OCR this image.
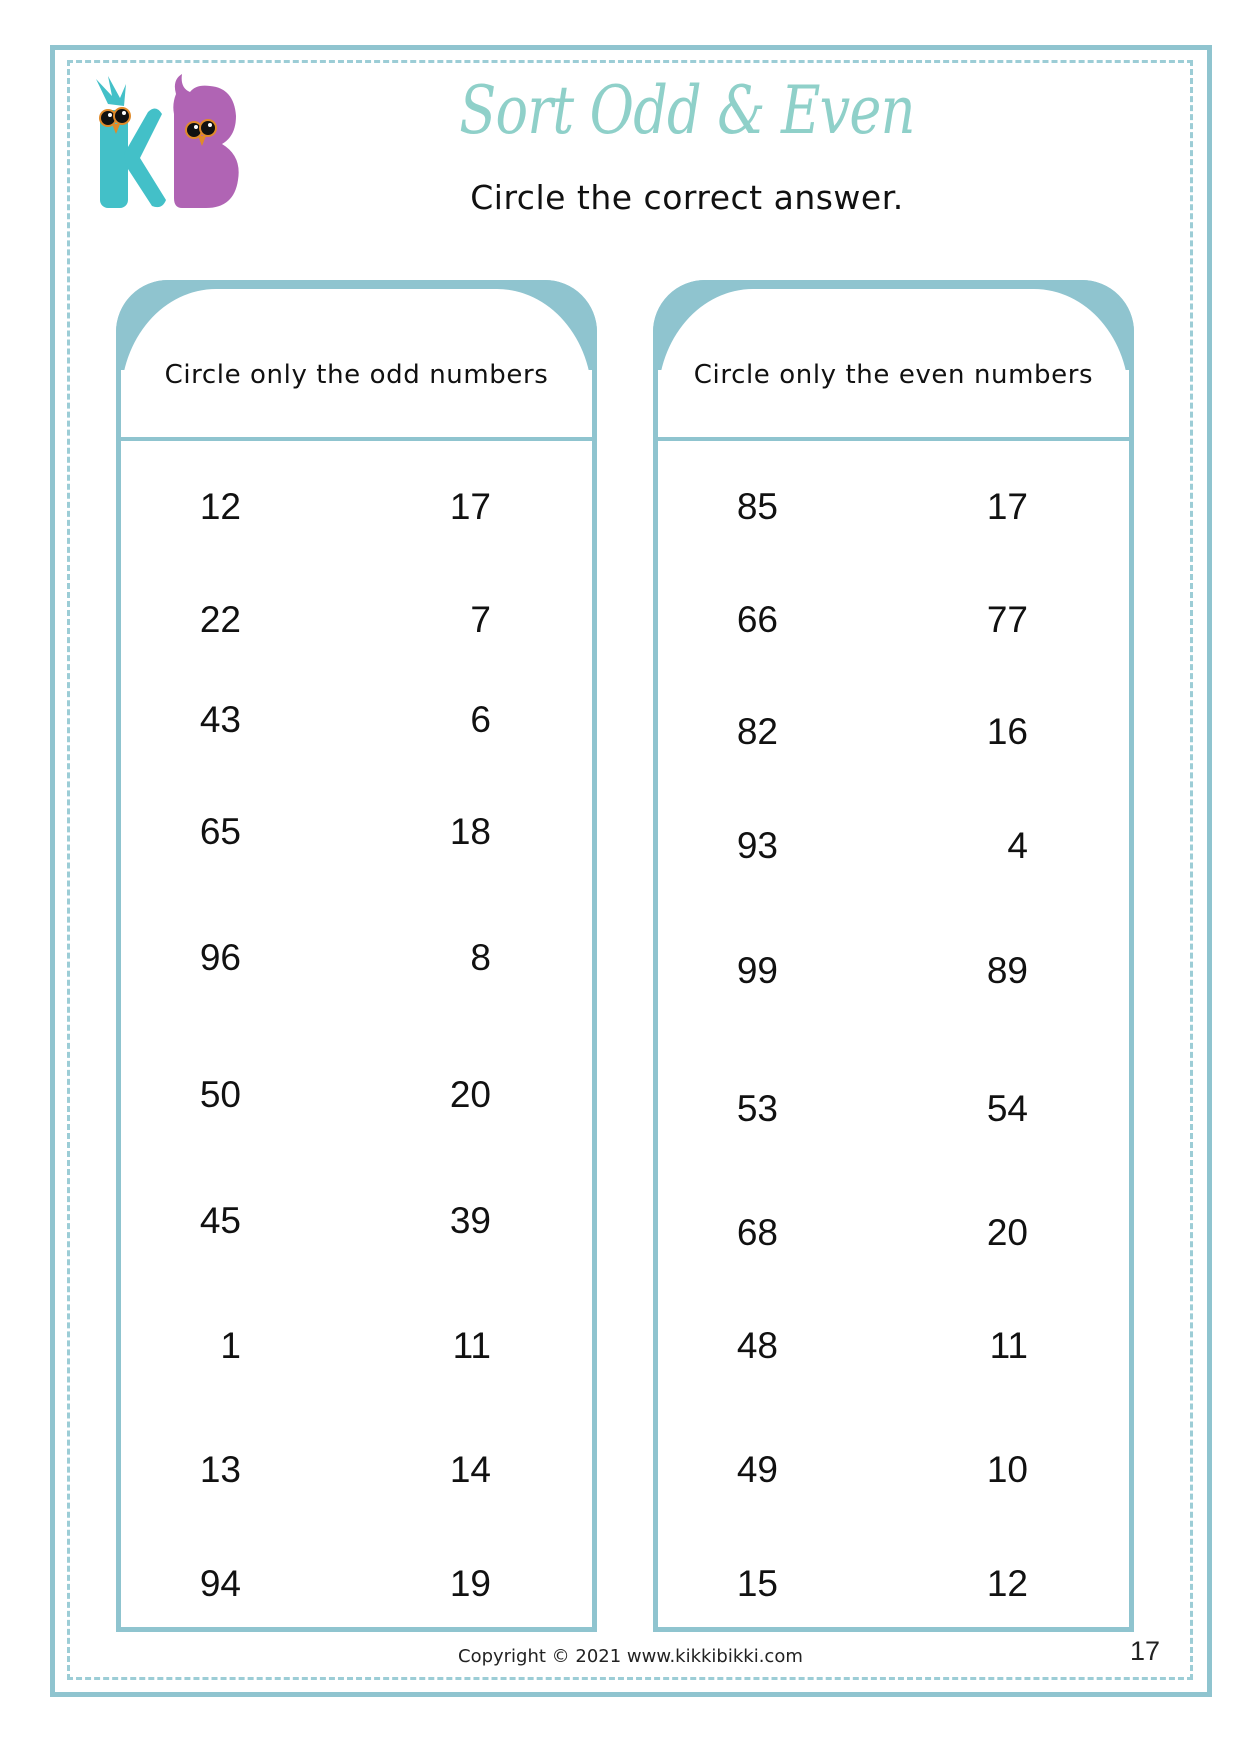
Sort Odd & Even
Circle the correct answer.
Circle only the odd numbers
12	17
22	7
43	6
65	18
96	8
50	20
45	39
1	11
13	14
94	19
Circle only the even numbers
85	17
66	77
82	16
93	4
99	89
53	54
68	20
48	11
49	10
15	12
Copyright © 2021 www.kikkibikki.com	17
